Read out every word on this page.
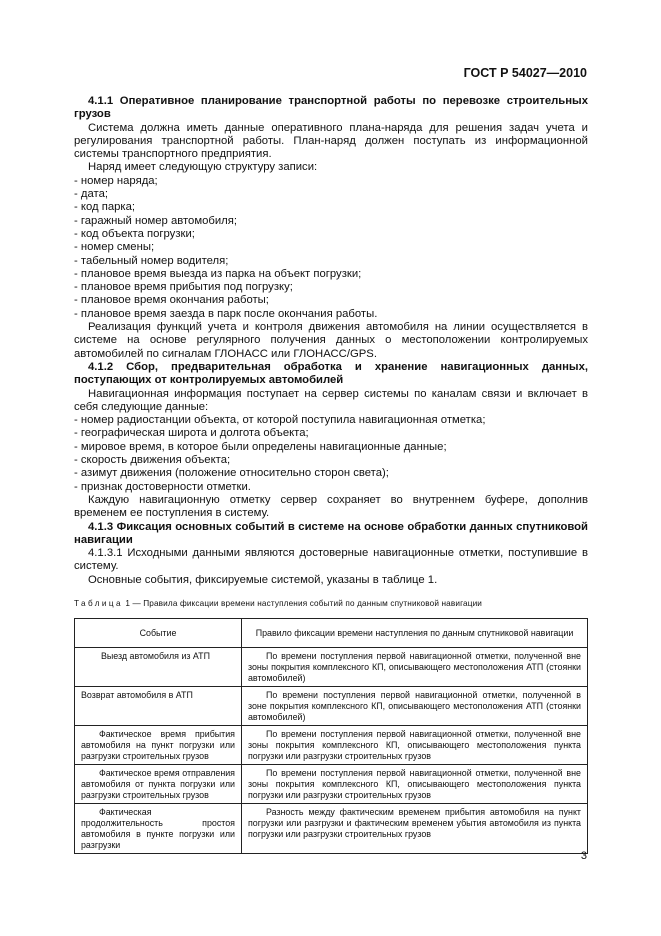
ГОСТ Р 54027—2010

4.1.1 Оперативное планирование транспортной работы по перевозке строительных грузов

Система должна иметь данные оперативного плана-наряда для решения задач учета и регулирования транспортной работы. План-наряд должен поступать из информационной системы транспортного предприятия.

Наряд имеет следующую структуру записи:

- номер наряда;
- дата;
- код парка;
- гаражный номер автомобиля;
- код объекта погрузки;
- номер смены;
- табельный номер водителя;
- плановое время выезда из парка на объект погрузки;
- плановое время прибытия под погрузку;
- плановое время окончания работы;
- плановое время заезда в парк после окончания работы.

Реализация функций учета и контроля движения автомобиля на линии осуществляется в системе на основе регулярного получения данных о местоположении контролируемых автомобилей по сигналам ГЛОНАСС или ГЛОНАСС/GPS.

4.1.2 Сбор, предварительная обработка и хранение навигационных данных, поступающих от контролируемых автомобилей

Навигационная информация поступает на сервер системы по каналам связи и включает в себя следующие данные:

- номер радиостанции объекта, от которой поступила навигационная отметка;
- географическая широта и долгота объекта;
- мировое время, в которое были определены навигационные данные;
- скорость движения объекта;
- азимут движения (положение относительно сторон света);
- признак достоверности отметки.

Каждую навигационную отметку сервер сохраняет во внутреннем буфере, дополнив временем ее поступления в систему.

4.1.3 Фиксация основных событий в системе на основе обработки данных спутниковой навигации

4.1.3.1 Исходными данными являются достоверные навигационные отметки, поступившие в систему.

Основные события, фиксируемые системой, указаны в таблице 1.

Таблица 1 — Правила фиксации времени наступления событий по данным спутниковой навигации
Событие	Правило фиксации времени наступления по данным спутниковой навигации

Выезд автомобиля из АТП	По времени поступления первой навигационной отметки, полученной вне зоны покрытия комплексного КП, описывающего местоположения АТП (стоянки автомобилей)

Возврат автомобиля в АТП	По времени поступления первой навигационной отметки, полученной в зоне покрытия комплексного КП, описывающего местоположения АТП (стоянки автомобилей)

Фактическое время прибытия автомобиля на пункт погрузки или разгрузки строительных грузов	По времени поступления первой навигационной отметки, полученной вне зоны покрытия комплексного КП, описывающего местоположения пункта погрузки или разгрузки строительных грузов

Фактическое время отправления автомобиля от пункта погрузки или разгрузки строительных грузов	По времени поступления первой навигационной отметки, полученной вне зоны покрытия комплексного КП, описывающего местоположения пункта погрузки или разгрузки строительных грузов

Фактическая продолжительность простоя автомобиля в пункте погрузки или разгрузки	Разность между фактическим временем прибытия автомобиля на пункт погрузки или разгрузки и фактическим временем убытия автомобиля из пункта погрузки или разгрузки строительных грузов
3
